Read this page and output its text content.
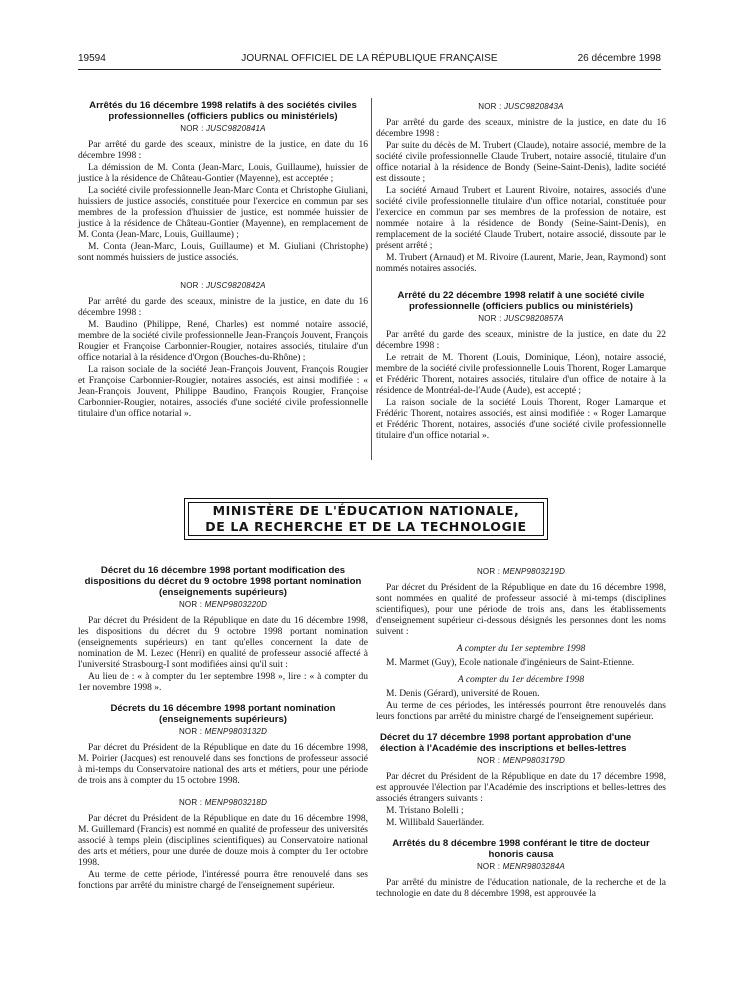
19594	JOURNAL OFFICIEL DE LA RÉPUBLIQUE FRANÇAISE	26 décembre 1998

Arrêtés du 16 décembre 1998 relatifs à des sociétés civiles professionnelles (officiers publics ou ministériels)

NOR : JUSC9820841A

Par arrêté du garde des sceaux, ministre de la justice, en date du 16 décembre 1998 :

La démission de M. Conta (Jean-Marc, Louis, Guillaume), huissier de justice à la résidence de Château-Gontier (Mayenne), est acceptée ;

La société civile professionnelle Jean-Marc Conta et Christophe Giuliani, huissiers de justice associés, constituée pour l'exercice en commun par ses membres de la profession d'huissier de justice, est nommée huissier de justice à la résidence de Château-Gontier (Mayenne), en remplacement de M. Conta (Jean-Marc, Louis, Guillaume) ;

M. Conta (Jean-Marc, Louis, Guillaume) et M. Giuliani (Christophe) sont nommés huissiers de justice associés.

NOR : JUSC9820842A

Par arrêté du garde des sceaux, ministre de la justice, en date du 16 décembre 1998 :

M. Baudino (Philippe, René, Charles) est nommé notaire associé, membre de la société civile professionnelle Jean-François Jouvent, François Rougier et Françoise Carbonnier-Rougier, notaires associés, titulaire d'un office notarial à la résidence d'Orgon (Bouches-du-Rhône) ;

La raison sociale de la société Jean-François Jouvent, François Rougier et Françoise Carbonnier-Rougier, notaires associés, est ainsi modifiée : « Jean-François Jouvent, Philippe Baudino, François Rougier, Françoise Carbonnier-Rougier, notaires, associés d'une société civile professionnelle titulaire d'un office notarial ».

NOR : JUSC9820843A

Par arrêté du garde des sceaux, ministre de la justice, en date du 16 décembre 1998 :

Par suite du décès de M. Trubert (Claude), notaire associé, membre de la société civile professionnelle Claude Trubert, notaire associé, titulaire d'un office notarial à la résidence de Bondy (Seine-Saint-Denis), ladite société est dissoute ;

La société Arnaud Trubert et Laurent Rivoire, notaires, associés d'une société civile professionnelle titulaire d'un office notarial, constituée pour l'exercice en commun par ses membres de la profession de notaire, est nommée notaire à la résidence de Bondy (Seine-Saint-Denis), en remplacement de la société Claude Trubert, notaire associé, dissoute par le présent arrêté ;

M. Trubert (Arnaud) et M. Rivoire (Laurent, Marie, Jean, Raymond) sont nommés notaires associés.

Arrêté du 22 décembre 1998 relatif à une société civile professionnelle (officiers publics ou ministériels)

NOR : JUSC9820857A

Par arrêté du garde des sceaux, ministre de la justice, en date du 22 décembre 1998 :

Le retrait de M. Thorent (Louis, Dominique, Léon), notaire associé, membre de la société civile professionnelle Louis Thorent, Roger Lamarque et Frédéric Thorent, notaires associés, titulaire d'un office de notaire à la résidence de Montréal-de-l'Aude (Aude), est accepté ;

La raison sociale de la société Louis Thorent, Roger Lamarque et Frédéric Thorent, notaires associés, est ainsi modifiée : « Roger Lamarque et Frédéric Thorent, notaires, associés d'une société civile professionnelle titulaire d'un office notarial ».

MINISTÈRE DE L'ÉDUCATION NATIONALE,
DE LA RECHERCHE ET DE LA TECHNOLOGIE

Décret du 16 décembre 1998 portant modification des dispositions du décret du 9 octobre 1998 portant nomination (enseignements supérieurs)

NOR : MENP9803220D

Par décret du Président de la République en date du 16 décembre 1998, les dispositions du décret du 9 octobre 1998 portant nomination (enseignements supérieurs) en tant qu'elles concernent la date de nomination de M. Lezec (Henri) en qualité de professeur associé affecté à l'université Strasbourg-I sont modifiées ainsi qu'il suit :

Au lieu de : « à compter du 1er septembre 1998 », lire : « à compter du 1er novembre 1998 ».

Décrets du 16 décembre 1998 portant nomination (enseignements supérieurs)

NOR : MENP9803132D

Par décret du Président de la République en date du 16 décembre 1998, M. Poirier (Jacques) est renouvelé dans ses fonctions de professeur associé à mi-temps du Conservatoire national des arts et métiers, pour une période de trois ans à compter du 15 octobre 1998.

NOR : MENP9803218D

Par décret du Président de la République en date du 16 décembre 1998, M. Guillemard (Francis) est nommé en qualité de professeur des universités associé à temps plein (disciplines scientifiques) au Conservatoire national des arts et métiers, pour une durée de douze mois à compter du 1er octobre 1998.

Au terme de cette période, l'intéressé pourra être renouvelé dans ses fonctions par arrêté du ministre chargé de l'enseignement supérieur.

NOR : MENP9803219D

Par décret du Président de la République en date du 16 décembre 1998, sont nommées en qualité de professeur associé à mi-temps (disciplines scientifiques), pour une période de trois ans, dans les établissements d'enseignement supérieur ci-dessous désignés les personnes dont les noms suivent :

A compter du 1er septembre 1998

M. Marmet (Guy), Ecole nationale d'ingénieurs de Saint-Etienne.

A compter du 1er décembre 1998

M. Denis (Gérard), université de Rouen.

Au terme de ces périodes, les intéressés pourront être renouvelés dans leurs fonctions par arrêté du ministre chargé de l'enseignement supérieur.

Décret du 17 décembre 1998 portant approbation d'une élection à l'Académie des inscriptions et belles-lettres

NOR : MENP9803179D

Par décret du Président de la République en date du 17 décembre 1998, est approuvée l'élection par l'Académie des inscriptions et belles-lettres des associés étrangers suivants :

M. Tristano Bolelli ;

M. Willibald Sauerländer.

Arrêtés du 8 décembre 1998 conférant le titre de docteur honoris causa

NOR : MENR9803284A

Par arrêté du ministre de l'éducation nationale, de la recherche et de la technologie en date du 8 décembre 1998, est approuvée la
